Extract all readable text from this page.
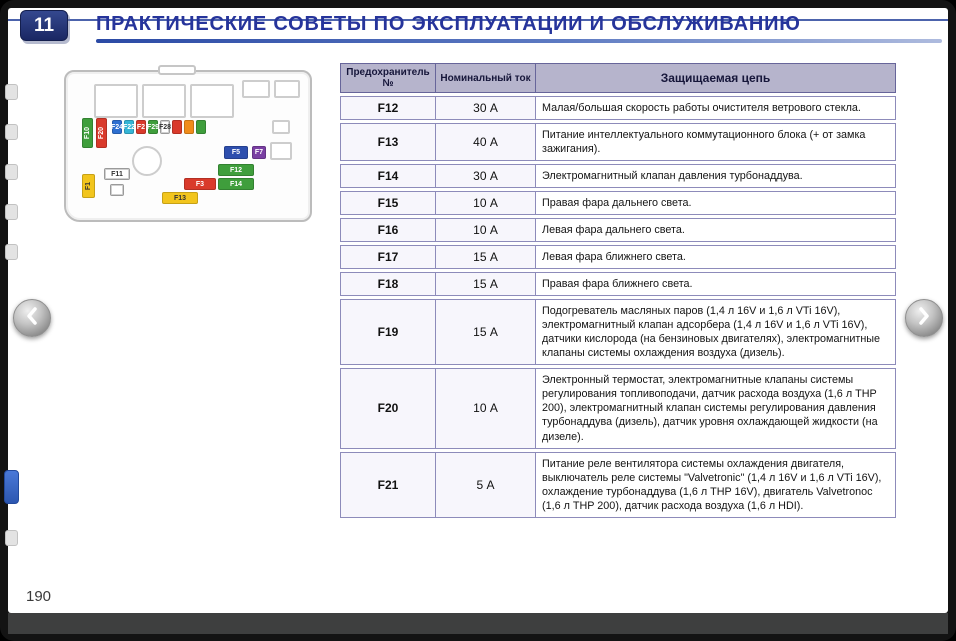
11	ПРАКТИЧЕСКИЕ СОВЕТЫ ПО ЭКСПЛУАТАЦИИ И ОБСЛУЖИВАНИЮ
F10 F20 F24 F22 F2 F29 F28
F5 F7
F11
F12
F3	F14
F13
F1
Предохранитель №	Номинальный ток	Защищаемая цепь
F12	30 А	Малая/большая скорость работы очистителя ветрового стекла.
F13	40 А	Питание интеллектуального коммутационного блока (+ от замка зажигания).
F14	30 А	Электромагнитный клапан давления турбонаддува.
F15	10 А	Правая фара дальнего света.
F16	10 А	Левая фара дальнего света.
F17	15 А	Левая фара ближнего света.
F18	15 А	Правая фара ближнего света.
F19	15 А	Подогреватель масляных паров (1,4 л 16V и 1,6 л VTi 16V), электромагнитный клапан адсорбера (1,4 л 16V и 1,6 л VTi 16V), датчики кислорода (на бензиновых двигателях), электромагнитные клапаны системы охлаждения воздуха (дизель).
F20	10 А	Электронный термостат, электромагнитные клапаны системы регулирования топливоподачи, датчик расхода воздуха (1,6 л THP 200), электромагнитный клапан системы регулирования давления турбонаддува (дизель), датчик уровня охлаждающей жидкости (на дизеле).
F21	5 А	Питание реле вентилятора системы охлаждения двигателя, выключатель реле системы "Valvetronic" (1,4 л 16V и 1,6 л VTi 16V), охлаждение турбонаддува (1,6 л THP 16V), двигатель Valvetronoc (1,6 л THP 200), датчик расхода воздуха (1,6 л HDI).
190
